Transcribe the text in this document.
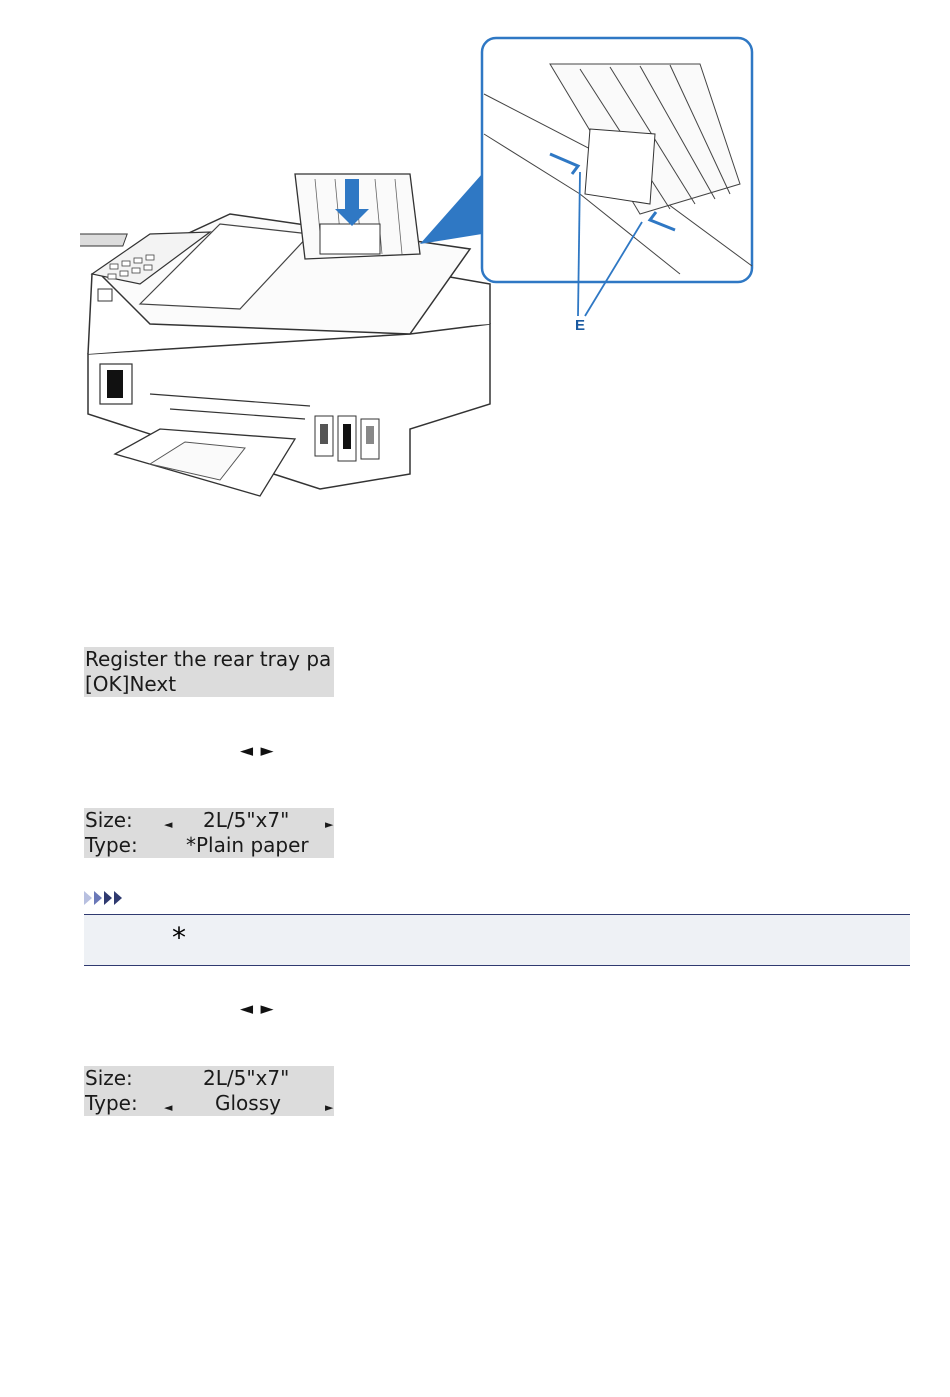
E
Register the rear tray pa
[OK]Next
◄ ►
Size:	◄ 2L/5"x7"	►
Type: *Plain paper
*
◄ ►
Size:	2L/5"x7"
Type: ◄ Glossy	►
